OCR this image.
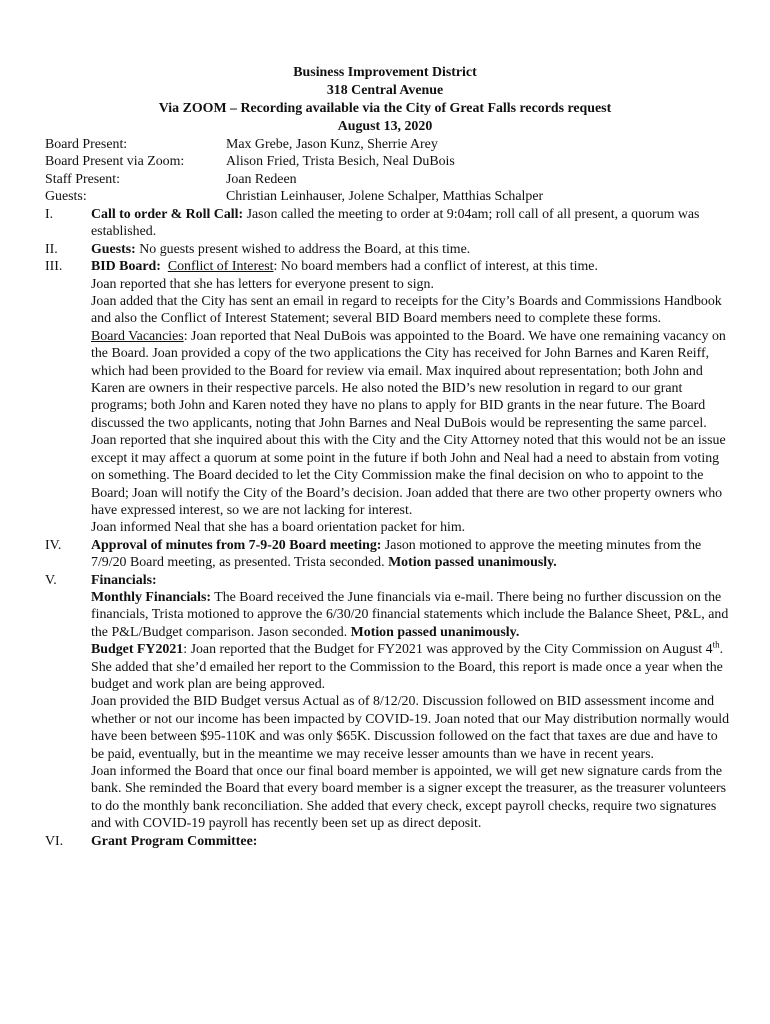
Business Improvement District
318 Central Avenue
Via ZOOM – Recording available via the City of Great Falls records request
August 13, 2020
Board Present:	Max Grebe, Jason Kunz, Sherrie Arey
Board Present via Zoom:	Alison Fried, Trista Besich, Neal DuBois
Staff Present:	Joan Redeen
Guests:	Christian Leinhauser, Jolene Schalper, Matthias Schalper
I.	Call to order & Roll Call: Jason called the meeting to order at 9:04am; roll call of all present, a quorum was established.

II.	Guests: No guests present wished to address the Board, at this time.

III.	BID Board: Conflict of Interest: No board members had a conflict of interest, at this time.

Joan reported that she has letters for everyone present to sign.

Joan added that the City has sent an email in regard to receipts for the City’s Boards and Commissions Handbook and also the Conflict of Interest Statement; several BID Board members need to complete these forms.

Board Vacancies: Joan reported that Neal DuBois was appointed to the Board. We have one remaining vacancy on the Board. Joan provided a copy of the two applications the City has received for John Barnes and Karen Reiff, which had been provided to the Board for review via email. Max inquired about representation; both John and Karen are owners in their respective parcels. He also noted the BID’s new resolution in regard to our grant programs; both John and Karen noted they have no plans to apply for BID grants in the near future. The Board discussed the two applicants, noting that John Barnes and Neal DuBois would be representing the same parcel. Joan reported that she inquired about this with the City and the City Attorney noted that this would not be an issue except it may affect a quorum at some point in the future if both John and Neal had a need to abstain from voting on something. The Board decided to let the City Commission make the final decision on who to appoint to the Board; Joan will notify the City of the Board’s decision. Joan added that there are two other property owners who have expressed interest, so we are not lacking for interest.

Joan informed Neal that she has a board orientation packet for him.

IV.	Approval of minutes from 7-9-20 Board meeting: Jason motioned to approve the meeting minutes from the 7/9/20 Board meeting, as presented. Trista seconded. Motion passed unanimously.

V.	Financials:

Monthly Financials: The Board received the June financials via e-mail. There being no further discussion on the financials, Trista motioned to approve the 6/30/20 financial statements which include the Balance Sheet, P&L, and the P&L/Budget comparison. Jason seconded. Motion passed unanimously.

Budget FY2021: Joan reported that the Budget for FY2021 was approved by the City Commission on August 4th. She added that she’d emailed her report to the Commission to the Board, this report is made once a year when the budget and work plan are being approved.

Joan provided the BID Budget versus Actual as of 8/12/20. Discussion followed on BID assessment income and whether or not our income has been impacted by COVID-19. Joan noted that our May distribution normally would have been between $95-110K and was only $65K. Discussion followed on the fact that taxes are due and have to be paid, eventually, but in the meantime we may receive lesser amounts than we have in recent years.

Joan informed the Board that once our final board member is appointed, we will get new signature cards from the bank. She reminded the Board that every board member is a signer except the treasurer, as the treasurer volunteers to do the monthly bank reconciliation. She added that every check, except payroll checks, require two signatures and with COVID-19 payroll has recently been set up as direct deposit.

VI.	Grant Program Committee:
